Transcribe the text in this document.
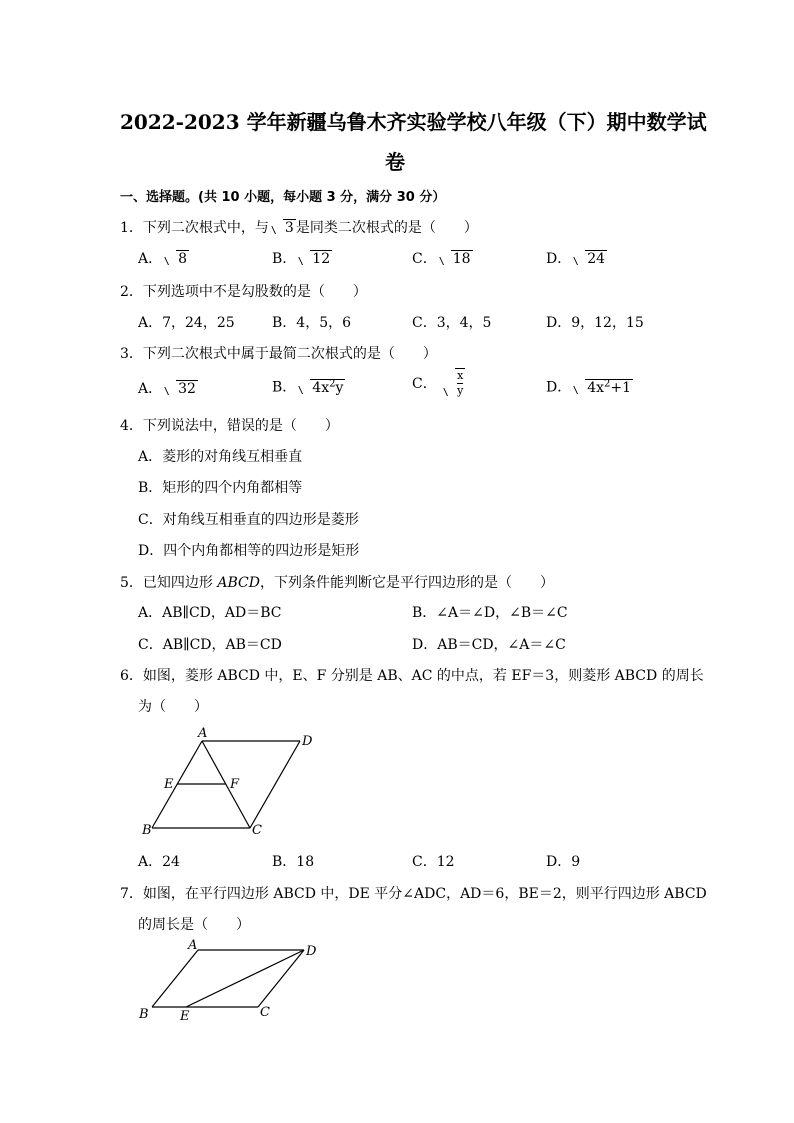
2022-2023 学年新疆乌鲁木齐实验学校八年级（下）期中数学试
卷
一、选择题。(共 10 小题，每小题 3 分，满分 30 分）
1．下列二次根式中，与 3 是同类二次根式的是（　　）
A． 8	B． 12	C． 18	D． 24
2．下列选项中不是勾股数的是（　　）
A．7，24，25	B．4，5，6	C．3，4，5	D．9，12，15
3．下列二次根式中属于最简二次根式的是（　　）
A． 32	B． $4x^2y$	C． $\frac{x}{y}$	D． $4x^2+1$
4．下列说法中，错误的是（　　）
A．菱形的对角线互相垂直
B．矩形的四个内角都相等
C．对角线互相垂直的四边形是菱形
D．四个内角都相等的四边形是矩形
5．已知四边形 ABCD，下列条件能判断它是平行四边形的是（　　）
A．AB∥CD，AD＝BC	B．∠A＝∠D，∠B＝∠C
C．AB∥CD，AB＝CD	D．AB＝CD，∠A＝∠C
6．如图，菱形 ABCD 中，E、F 分别是 AB、AC 的中点，若 EF＝3，则菱形 ABCD 的周长
为（　　）
A
D
B	C
E	F
A．24	B．18	C．12	D．9
7．如图，在平行四边形 ABCD 中，DE 平分∠ADC，AD＝6，BE＝2，则平行四边形 ABCD
的周长是（　　）
A	D
B E	C
